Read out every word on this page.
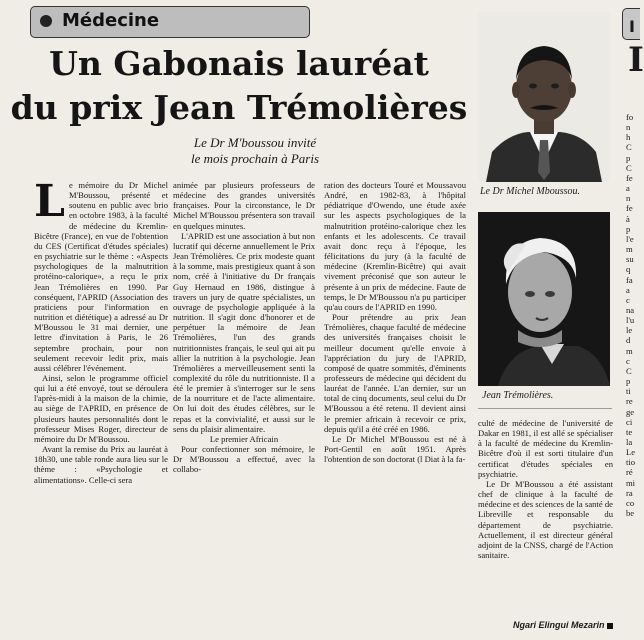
Médecine
Un Gabonais lauréat
du prix Jean Trémolières
Le Dr M'boussou invité
le mois prochain à Paris

Le mémoire du Dr Michel M'Boussou, présenté et soutenu en public avec brio en octobre 1983, à la faculté de médecine du Kremlin-Bicêtre (France), en vue de l'obtention du CES (Certificat d'études spéciales) en psychiatrie sur le thème : «Aspects psychologiques de la malnutrition protéino-calorique», a reçu le prix Jean Trémolières en 1990. Par conséquent, l'APRID (Association des praticiens pour l'information en nutrition et diététique) a adressé au Dr M'Boussou le 31 mai dernier, une lettre d'invitation à Paris, le 26 septembre prochain, pour non seulement recevoir ledit prix, mais aussi célébrer l'événement.

Ainsi, selon le programme officiel qui lui a été envoyé, tout se déroulera l'après-midi à la maison de la chimie, au siège de l'APRID, en présence de plusieurs hautes personnalités dont le professeur Mises Roger, directeur de mémoire du Dr M'Boussou.

Avant la remise du Prix au lauréat à 18h30, une table ronde aura lieu sur le thème : «Psychologie et alimentations». Celle-ci sera

animée par plusieurs professeurs de médecine des grandes universités françaises. Pour la circonstance, le Dr Michel M'Boussou présentera son travail en quelques minutes.

L'APRID est une association à but non lucratif qui décerne annuellement le Prix Jean Trémolières. Ce prix modeste quant à la somme, mais prestigieux quant à son nom, créé à l'initiative du Dr français Guy Hernaud en 1986, distingue à travers un jury de quatre spécialistes, un ouvrage de psychologie appliquée à la nutrition. Il s'agit donc d'honorer et de perpétuer la mémoire de Jean Trémolières, l'un des grands nutritionnistes français, le seul qui ait pu allier la nutrition à la psychologie. Jean Trémolières a merveilleusement senti la complexité du rôle du nutritionniste. Il a été le premier à s'interroger sur le sens de la nourriture et de l'acte alimentaire. On lui doit des études célèbres, sur le repas et la convivialité, et aussi sur le sens du plaisir alimentaire.

Le premier Africain

Pour confectionner son mémoire, le Dr M'Boussou a effectué, avec la collabo-

ration des docteurs Touré et Moussavou André, en 1982-83, à l'hôpital pédiatrique d'Owendo, une étude axée sur les aspects psychologiques de la malnutrition protéino-calorique chez les enfants et les adolescents. Ce travail avait donc reçu à l'époque, les félicitations du jury (à la faculté de médecine (Kremlin-Bicêtre) qui avait vivement préconisé que son auteur le présente à un prix de médecine. Faute de temps, le Dr M'Boussou n'a pu participer qu'au cours de l'APRID en 1990.

Pour prétendre au prix Jean Trémolières, chaque faculté de médecine des universités françaises choisit le meilleur document qu'elle envoie à l'appréciation du jury de l'APRID, composé de quatre sommités, d'éminents professeurs de médecine qui décident du lauréat de l'année. L'an dernier, sur un total de cinq documents, seul celui du Dr M'Boussou a été retenu. Il devient ainsi le premier africain à recevoir ce prix, depuis qu'il a été créé en 1986.

Le Dr Michel M'Boussou est né à Port-Gentil en août 1951. Après l'obtention de son doctorat (l Diat à la fa-

culté de médecine de l'université de Dakar en 1981, il est allé se spécialiser à la faculté de médecine du Kremlin-Bicêtre d'où il est sorti titulaire d'un certificat d'études spéciales en psychiatrie.

Le Dr M'Boussou a été assistant chef de clinique à la faculté de médecine et des sciences de la santé de Libreville et responsable du département de psychiatrie. Actuellement, il est directeur général adjoint de la CNSS, chargé de l'Action sanitaire.

Ngari Elingui Mezarin
Le Dr Michel Mboussou.
Jean Trémolières.
I
I
fo
n
h
C
p
C
fe
a
n
fe
à
p
l'e
m
su
q
fa
a
c
na
l'u
le
d
m
c
C
p
ti
re
ge
ci
te
la
Le
tio
ré
mi
ra
co
be
